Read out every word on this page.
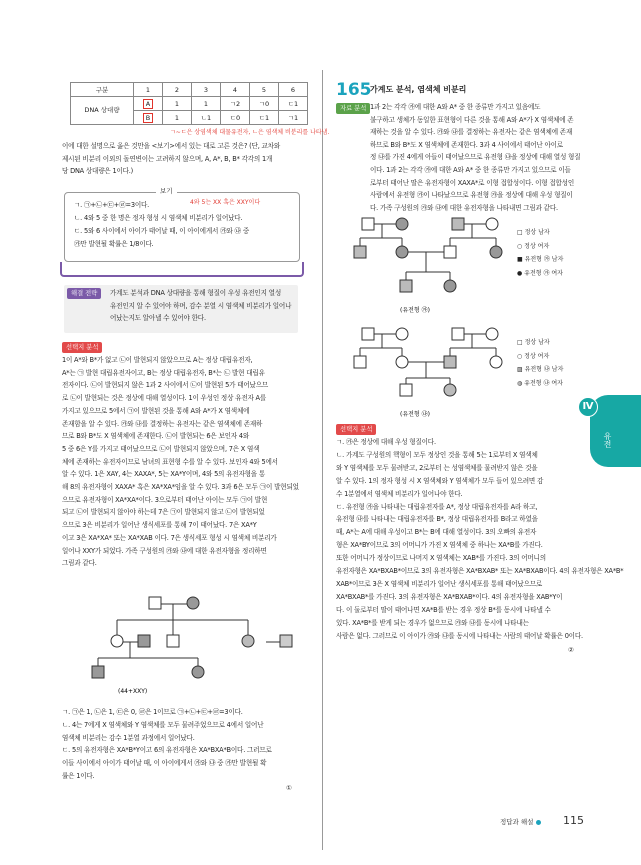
구분	1	2	3	4	5	6
DNA 상대량	A	1	1	ㄱ2	ㄱ0	ㄷ1
	B	1	ㄴ1	ㄷ0	ㄷ1	ㄱ1
ㄱ~ㄷ은 상염색체 대물유전자, ㄴ은 염색체 비분리를 나타냄.
이에 대한 설명으로 옳은 것만을 <보기>에서 있는 대로 고른 것은? (단, 교차와
제시된 비분리 이외의 돌연변이는 고려하지 않으며, A, A*, B, B* 각각의 1개
당 DNA 상대량은 1이다.)
보기
ㄱ. ㉠+㉡+㉢+㉣=3이다.
ㄴ. 4와 5 중 한 명은 정자 형성 시 염색체 비분리가 일어났다.
ㄷ. 5와 6 사이에서 아이가 태어날 때, 이 아이에게서 ㉮와 ㉯ 중
㉮만 발현될 확률은 1/8이다.
4와 5는 XX 혹은 XXY이다
해결 전략	가계도 분석과 DNA 상대량을 통해 형질이 우성 유전인지 열성
유전인지 알 수 있어야 하며, 감수 분열 시 염색체 비분리가 일어나
어났는지도 알아낼 수 있어야 한다.
선택지 분석
1이 A*와 B*가 없고 ㉡이 발현되지 않았으므로 A는 정상 대립유전자,
A*는 ㉠ 발현 대립유전자이고, B는 정상 대립유전자, B*는 ㉡ 발현 대립유
전자이다. ㉡이 발현되지 않은 1과 2 사이에서 ㉡이 발현된 5가 태어났으므
로 ㉡이 발현되는 것은 정상에 대해 열성이다. 1이 우성인 정상 유전자 A를
가지고 있으므로 5에서 ㉠이 발현된 것을 통해 A와 A*가 X 염색체에
존재함을 알 수 있다. ㉮와 ㉯를 결정하는 유전자는 같은 염색체에 존재하
므로 B와 B*도 X 염색체에 존재한다. ㉡이 발현되는 6은 보인자 4와
5 중 6은 Y를 가지고 태어났으므로 ㉡이 발현되지 않았으며, 7은 X 염색
체에 존재하는 유전자이므로 남녀의 표현형 수를 알 수 있다. 보인자 4와 5에서
알 수 있다. 1은 XAY, 4는 XAXA*, 5는 XA*Y이며, 4와 5의 유전자형을 통
해 8의 유전자형이 XAXA* 혹은 XA*XA*임을 알 수 있다. 3과 6은 모두 ㉠이 발현되었
으므로 유전자형이 XA*XA*이다. 3으로부터 태어난 아이는 모두 ㉠이 발현
되고 ㉡이 발현되지 않아야 하는데 7은 ㉠이 발현되지 않고 ㉡이 발현되었
으므로 3은 비분리가 일어난 생식세포를 통해 7이 태어났다. 7은 XA*Y
이고 3은 XA*XA* 또는 XA*XAB 이다. 7은 생식세포 형성 시 염색체 비분리가
일어나 XXY가 되었다. 가족 구성원의 ㉮와 ㉯에 대한 유전자형을 정리하면
그림과 같다.
(44+XXY)
ㄱ. ㉠은 1, ㉡은 1, ㉢은 0, ㉣은 1이므로 ㉠+㉡+㉢+㉣=3이다.
ㄴ. 4는 7에게 X 염색체와 Y 염색체를 모두 물려주었으므로 4에서 일어난
염색체 비분리는 감수 1분열 과정에서 일어났다.
ㄷ. 5의 유전자형은 XA*B*Y이고 6의 유전자형은 XA*BXA*B이다. 그러므로
이들 사이에서 아이가 태어날 때, 이 아이에게서 ㉮와 ㉯ 중 ㉮만 발현될 확
률은 1이다.
①
165
가계도 분석, 염색체 비분리
자료 분석 1과 2는 각각 ㉮에 대한 A와 A* 중 한 종류만 가지고 있음에도
불구하고 생체가 동일한 표현형이 다른 것을 통해 A와 A*가 X 염색체에 존
재하는 것을 알 수 있다. ㉮와 ㉯를 결정하는 유전자는 같은 염색체에 존재
하므로 B와 B*도 X 염색체에 존재한다. 3과 4 사이에서 태어난 아이로
정 ㉯를 가진 4에게 아들이 태어났으므로 유전형 ㉯을 정상에 대해 열성 형질
이다. 1과 2는 각각 ㉮에 대한 A와 A* 중 한 종류만 가지고 있으므로 이들
로부터 태어난 딸은 유전자형이 XAXA*로 이형 접합성이다. 이형 접합성인
사람에서 유전형 ㉮이 나타났으므로 유전형 ㉮을 정상에 대해 우성 형질이
다. 가족 구성원의 ㉮와 ㉯에 대한 유전자형을 나타내면 그림과 같다.
(유전형 ㉮)
□ 정상 남자
○ 정상 여자
■ 유전형 ㉮ 남자
● 유전형 ㉮ 여자
(유전형 ㉯)
□ 정상 남자
○ 정상 여자
▨ 유전형 ㉯ 남자
◍ 유전형 ㉯ 여자
선택지 분석
ㄱ. ㉮은 정상에 대해 우성 형질이다.
ㄴ. 가계도 구성원의 핵형이 모두 정상인 것을 통해 5는 1로부터 X 염색체
와 Y 염색체를 모두 물려받고, 2로부터 는 성염색체를 물려받지 않은 것을
알 수 있다. 1의 정자 형성 시 X 염색체와 Y 염색체가 모두 들어 있으려면 감
수 1분열에서 염색체 비분리가 일어나야 한다.
ㄷ. 유전형 ㉮을 나타내는 대립유전자를 A*, 정상 대립유전자를 A라 하고,
유전형 ㉯를 나타내는 대립유전자를 B*, 정상 대립유전자를 B라고 하였을
때, A*는 A에 대해 우성이고 B*는 B에 대해 열성이다. 3의 오빠의 유전자
형은 XA*BY이므로 3의 어머니가 가진 X 염색체 중 하나는 XA*B를 가진다.
또한 어머니가 정상이므로 나머지 X 염색체는 XAB*를 가진다. 3의 어머니의
유전자형은 XA*BXAB*이므로 3의 유전자형은 XA*BXAB* 또는 XA*BXAB이다. 4의 유전자형은 XA*B*
XAB*이므로 3은 X 염색체 비분리가 일어난 생식세포를 통해 태어났으므로
XA*BXAB*를 가진다. 3의 유전자형은 XA*BXAB*이다. 4의 유전자형을 XAB*Y이
다. 이 둘로부터 딸이 태어나면 XA*B를 받는 경우 정상 B*를 동시에 나타낼 수
있다. XA*B*를 받게 되는 경우가 없으므로 ㉮와 ㉯를 동시에 나타내는
사람은 없다. 그러므로 이 아이가 ㉮와 ㉯를 동시에 나타내는 사람의 태어날 확률은 0이다.
②
Ⅳ
유전
정답과 해설	115
